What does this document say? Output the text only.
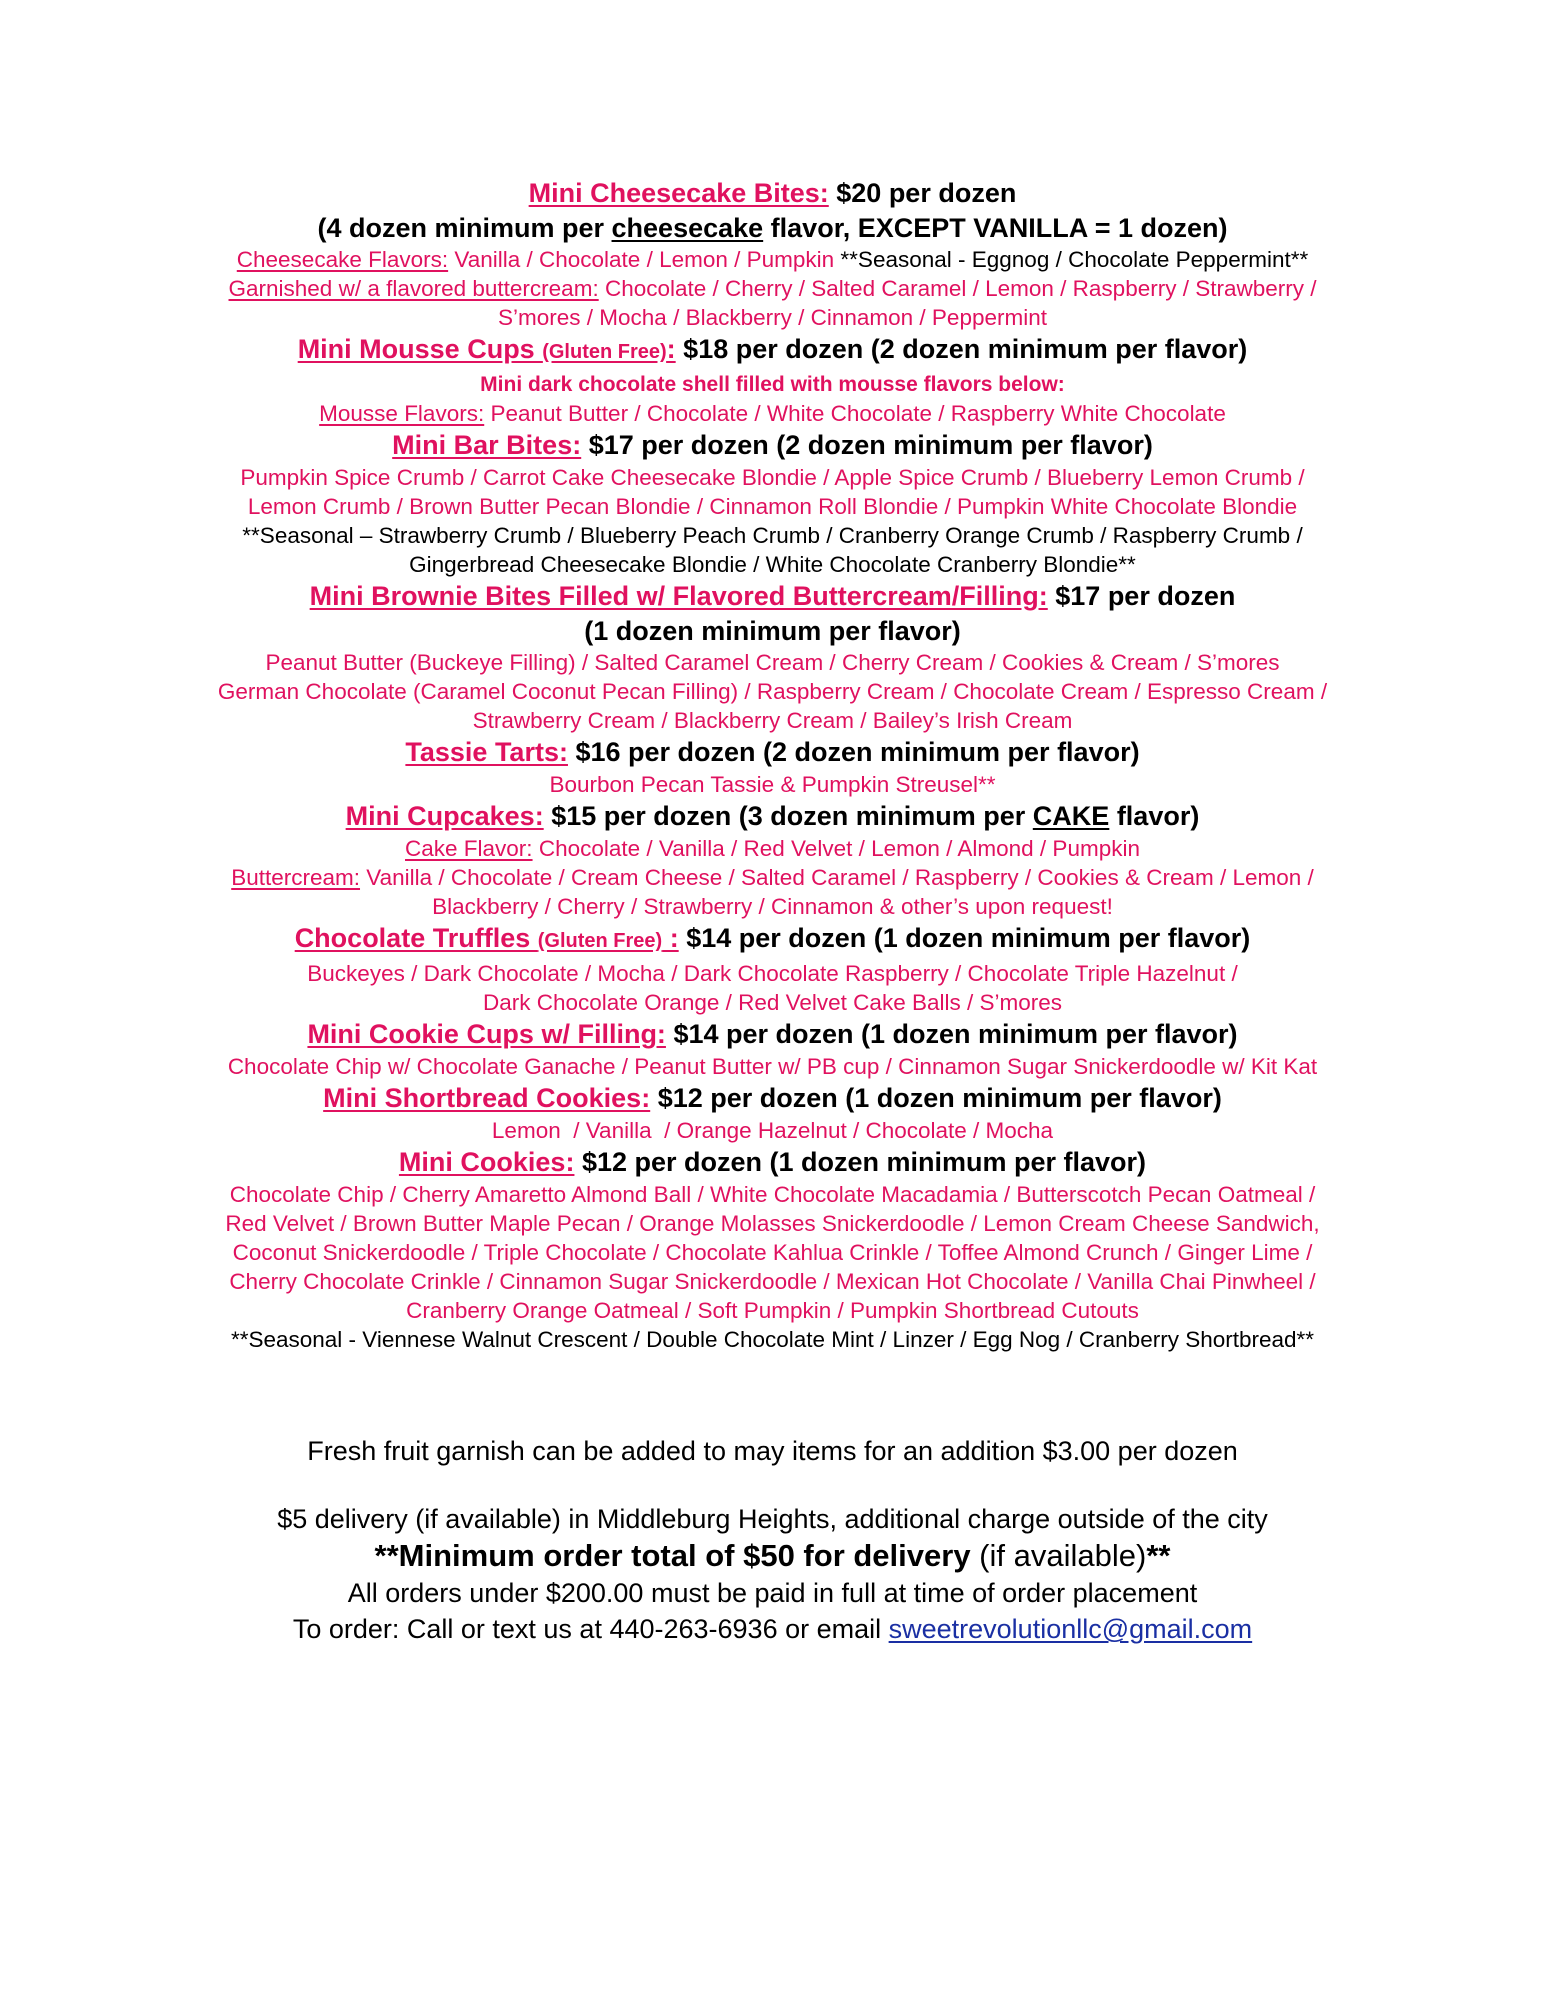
Mini Cheesecake Bites: $20 per dozen

(4 dozen minimum per cheesecake flavor, EXCEPT VANILLA = 1 dozen)

Cheesecake Flavors: Vanilla / Chocolate / Lemon / Pumpkin **Seasonal - Eggnog / Chocolate Peppermint**

Garnished w/ a flavored buttercream: Chocolate / Cherry / Salted Caramel / Lemon / Raspberry / Strawberry /

S’mores / Mocha / Blackberry / Cinnamon / Peppermint

Mini Mousse Cups (Gluten Free): $18 per dozen (2 dozen minimum per flavor)

Mini dark chocolate shell filled with mousse flavors below:

Mousse Flavors: Peanut Butter / Chocolate / White Chocolate / Raspberry White Chocolate

Mini Bar Bites: $17 per dozen (2 dozen minimum per flavor)

Pumpkin Spice Crumb / Carrot Cake Cheesecake Blondie / Apple Spice Crumb / Blueberry Lemon Crumb /

Lemon Crumb / Brown Butter Pecan Blondie / Cinnamon Roll Blondie / Pumpkin White Chocolate Blondie

**Seasonal – Strawberry Crumb / Blueberry Peach Crumb / Cranberry Orange Crumb / Raspberry Crumb /

Gingerbread Cheesecake Blondie / White Chocolate Cranberry Blondie**

Mini Brownie Bites Filled w/ Flavored Buttercream/Filling: $17 per dozen

(1 dozen minimum per flavor)

Peanut Butter (Buckeye Filling) / Salted Caramel Cream / Cherry Cream / Cookies & Cream / S’mores

German Chocolate (Caramel Coconut Pecan Filling) / Raspberry Cream / Chocolate Cream / Espresso Cream /

Strawberry Cream / Blackberry Cream / Bailey’s Irish Cream

Tassie Tarts: $16 per dozen (2 dozen minimum per flavor)

Bourbon Pecan Tassie & Pumpkin Streusel**

Mini Cupcakes: $15 per dozen (3 dozen minimum per CAKE flavor)

Cake Flavor: Chocolate / Vanilla / Red Velvet / Lemon / Almond / Pumpkin

Buttercream: Vanilla / Chocolate / Cream Cheese / Salted Caramel / Raspberry / Cookies & Cream / Lemon /

Blackberry / Cherry / Strawberry / Cinnamon & other’s upon request!

Chocolate Truffles (Gluten Free) : $14 per dozen (1 dozen minimum per flavor)

Buckeyes / Dark Chocolate / Mocha / Dark Chocolate Raspberry / Chocolate Triple Hazelnut /

Dark Chocolate Orange / Red Velvet Cake Balls / S’mores

Mini Cookie Cups w/ Filling: $14 per dozen (1 dozen minimum per flavor)

Chocolate Chip w/ Chocolate Ganache / Peanut Butter w/ PB cup / Cinnamon Sugar Snickerdoodle w/ Kit Kat

Mini Shortbread Cookies: $12 per dozen (1 dozen minimum per flavor)

Lemon  / Vanilla  / Orange Hazelnut / Chocolate / Mocha

Mini Cookies: $12 per dozen (1 dozen minimum per flavor)

Chocolate Chip / Cherry Amaretto Almond Ball / White Chocolate Macadamia / Butterscotch Pecan Oatmeal /

Red Velvet / Brown Butter Maple Pecan / Orange Molasses Snickerdoodle / Lemon Cream Cheese Sandwich,

Coconut Snickerdoodle / Triple Chocolate / Chocolate Kahlua Crinkle / Toffee Almond Crunch / Ginger Lime /

Cherry Chocolate Crinkle / Cinnamon Sugar Snickerdoodle / Mexican Hot Chocolate / Vanilla Chai Pinwheel /

Cranberry Orange Oatmeal / Soft Pumpkin / Pumpkin Shortbread Cutouts

**Seasonal - Viennese Walnut Crescent / Double Chocolate Mint / Linzer / Egg Nog / Cranberry Shortbread**

Fresh fruit garnish can be added to may items for an addition $3.00 per dozen

$5 delivery (if available) in Middleburg Heights, additional charge outside of the city

**Minimum order total of $50 for delivery (if available)**

All orders under $200.00 must be paid in full at time of order placement

To order: Call or text us at 440-263-6936 or email sweetrevolutionllc@gmail.com
